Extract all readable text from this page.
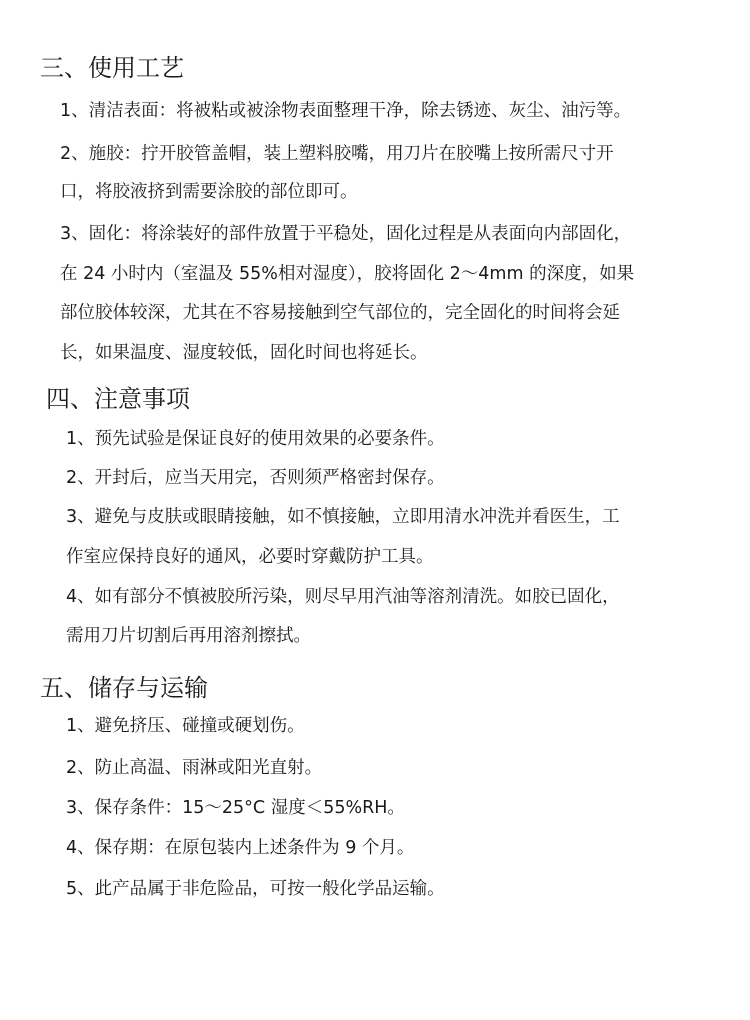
三、使用工艺

1、清洁表面：将被粘或被涂物表面整理干净，除去锈迹、灰尘、油污等。

2、施胶：拧开胶管盖帽，装上塑料胶嘴，用刀片在胶嘴上按所需尺寸开

口，将胶液挤到需要涂胶的部位即可。

3、固化：将涂装好的部件放置于平稳处，固化过程是从表面向内部固化，

在 24 小时内（室温及 55%相对湿度），胶将固化 2～4mm 的深度，如果

部位胶体较深，尤其在不容易接触到空气部位的，完全固化的时间将会延

长，如果温度、湿度较低，固化时间也将延长。

四、注意事项

1、预先试验是保证良好的使用效果的必要条件。

2、开封后，应当天用完，否则须严格密封保存。

3、避免与皮肤或眼睛接触，如不慎接触，立即用清水冲洗并看医生，工

作室应保持良好的通风，必要时穿戴防护工具。

4、如有部分不慎被胶所污染，则尽早用汽油等溶剂清洗。如胶已固化，

需用刀片切割后再用溶剂擦拭。

五、储存与运输

1、避免挤压、碰撞或硬划伤。

2、防止高温、雨淋或阳光直射。

3、保存条件：15～25°C 湿度＜55%RH。

4、保存期：在原包装内上述条件为 9 个月。

5、此产品属于非危险品，可按一般化学品运输。
